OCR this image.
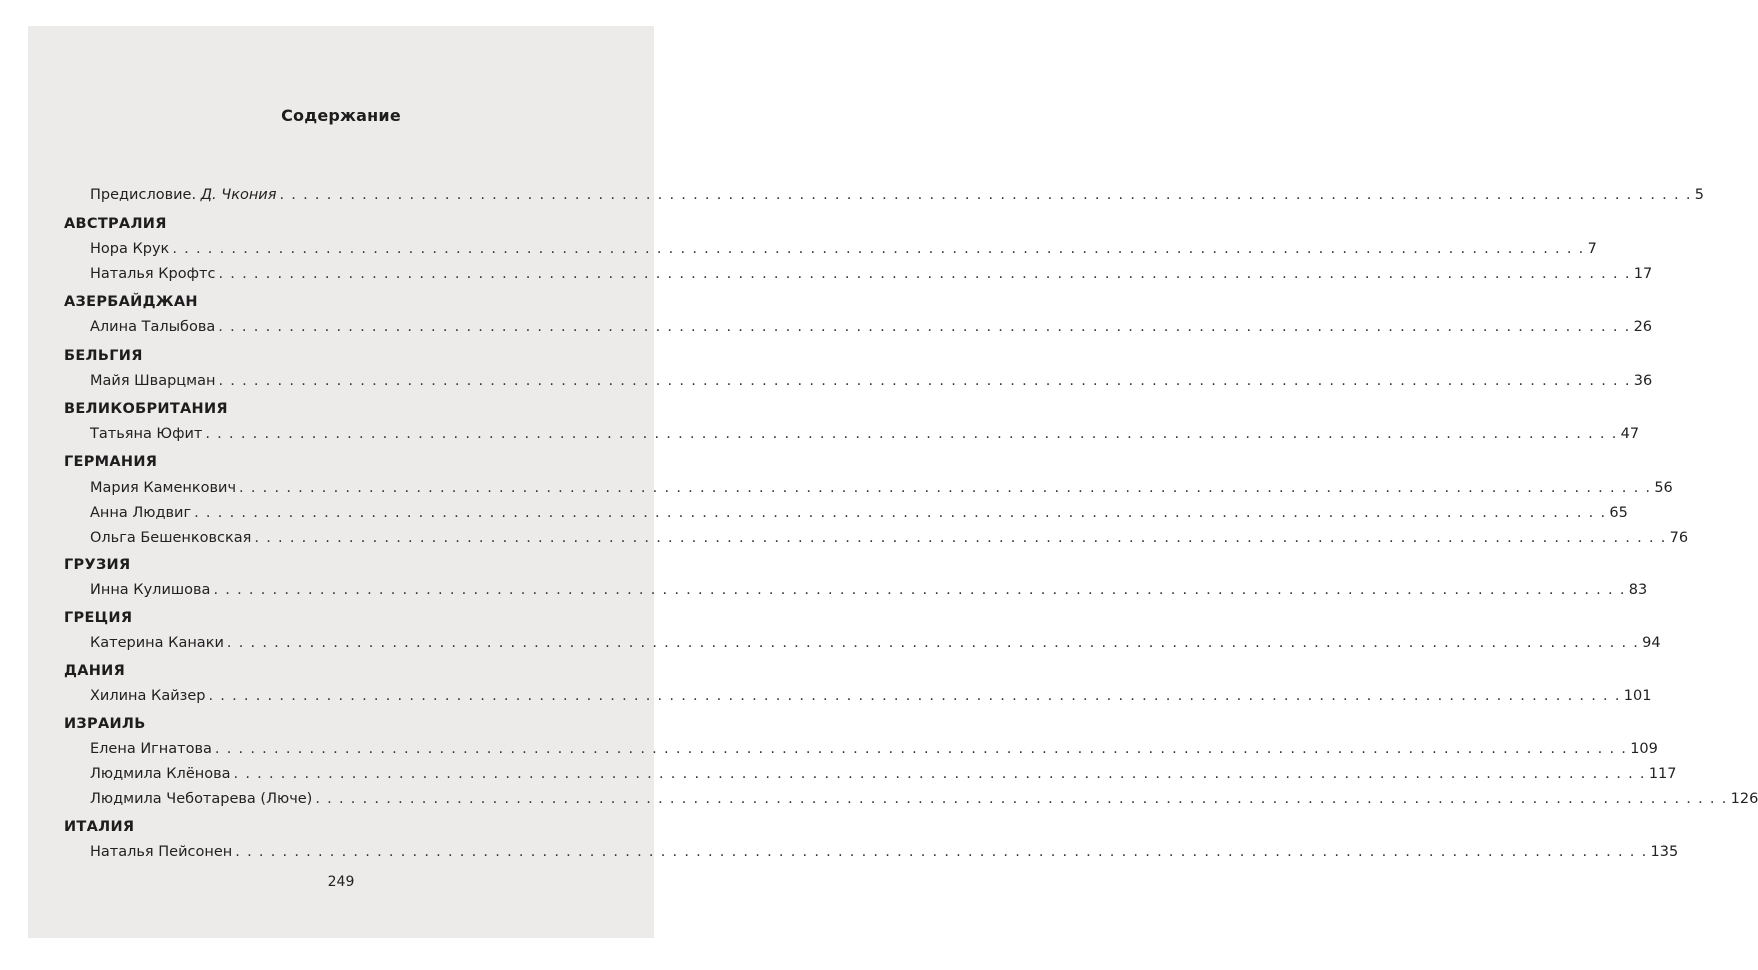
Содержание
Предисловие. Д. Чкония . . . . . . . . . . . . . . . . . . . . . . . . . . . . . . . . . . . . . . . . . . . . . . . . . . . . . . . . . . . . . . . . . . . . . . . . . . . . . . . . . . . . . . . . . . . . . . . . . . . . . . . . . . . . . . . . . . . . . . . . 5
АВСТРАЛИЯ
Нора Крук . . . . . . . . . . . . . . . . . . . . . . . . . . . . . . . . . . . . . . . . . . . . . . . . . . . . . . . . . . . . . . . . . . . . . . . . . . . . . . . . . . . . . . . . . . . . . . . . . . . . . . . . . . . . . . . . . . . . . . . . 7
Наталья Крофтс . . . . . . . . . . . . . . . . . . . . . . . . . . . . . . . . . . . . . . . . . . . . . . . . . . . . . . . . . . . . . . . . . . . . . . . . . . . . . . . . . . . . . . . . . . . . . . . . . . . . . . . . . . . . . . . . . . . . . . . . 17
АЗЕРБАЙДЖАН
Алина Талыбова . . . . . . . . . . . . . . . . . . . . . . . . . . . . . . . . . . . . . . . . . . . . . . . . . . . . . . . . . . . . . . . . . . . . . . . . . . . . . . . . . . . . . . . . . . . . . . . . . . . . . . . . . . . . . . . . . . . . . . . . 26
БЕЛЬГИЯ
Майя Шварцман . . . . . . . . . . . . . . . . . . . . . . . . . . . . . . . . . . . . . . . . . . . . . . . . . . . . . . . . . . . . . . . . . . . . . . . . . . . . . . . . . . . . . . . . . . . . . . . . . . . . . . . . . . . . . . . . . . . . . . . . 36
ВЕЛИКОБРИТАНИЯ
Татьяна Юфит . . . . . . . . . . . . . . . . . . . . . . . . . . . . . . . . . . . . . . . . . . . . . . . . . . . . . . . . . . . . . . . . . . . . . . . . . . . . . . . . . . . . . . . . . . . . . . . . . . . . . . . . . . . . . . . . . . . . . . . . 47
ГЕРМАНИЯ
Мария Каменкович . . . . . . . . . . . . . . . . . . . . . . . . . . . . . . . . . . . . . . . . . . . . . . . . . . . . . . . . . . . . . . . . . . . . . . . . . . . . . . . . . . . . . . . . . . . . . . . . . . . . . . . . . . . . . . . . . . . . . . . . 56
Анна Людвиг . . . . . . . . . . . . . . . . . . . . . . . . . . . . . . . . . . . . . . . . . . . . . . . . . . . . . . . . . . . . . . . . . . . . . . . . . . . . . . . . . . . . . . . . . . . . . . . . . . . . . . . . . . . . . . . . . . . . . . . . 65
Ольга Бешенковская . . . . . . . . . . . . . . . . . . . . . . . . . . . . . . . . . . . . . . . . . . . . . . . . . . . . . . . . . . . . . . . . . . . . . . . . . . . . . . . . . . . . . . . . . . . . . . . . . . . . . . . . . . . . . . . . . . . . . . . . 76
ГРУЗИЯ
Инна Кулишова . . . . . . . . . . . . . . . . . . . . . . . . . . . . . . . . . . . . . . . . . . . . . . . . . . . . . . . . . . . . . . . . . . . . . . . . . . . . . . . . . . . . . . . . . . . . . . . . . . . . . . . . . . . . . . . . . . . . . . . . 83
ГРЕЦИЯ
Катерина Канаки . . . . . . . . . . . . . . . . . . . . . . . . . . . . . . . . . . . . . . . . . . . . . . . . . . . . . . . . . . . . . . . . . . . . . . . . . . . . . . . . . . . . . . . . . . . . . . . . . . . . . . . . . . . . . . . . . . . . . . . . 94
ДАНИЯ
Хилина Кайзер . . . . . . . . . . . . . . . . . . . . . . . . . . . . . . . . . . . . . . . . . . . . . . . . . . . . . . . . . . . . . . . . . . . . . . . . . . . . . . . . . . . . . . . . . . . . . . . . . . . . . . . . . . . . . . . . . . . . . . . . 101
ИЗРАИЛЬ
Елена Игнатова . . . . . . . . . . . . . . . . . . . . . . . . . . . . . . . . . . . . . . . . . . . . . . . . . . . . . . . . . . . . . . . . . . . . . . . . . . . . . . . . . . . . . . . . . . . . . . . . . . . . . . . . . . . . . . . . . . . . . . . . 109
Людмила Клёнова . . . . . . . . . . . . . . . . . . . . . . . . . . . . . . . . . . . . . . . . . . . . . . . . . . . . . . . . . . . . . . . . . . . . . . . . . . . . . . . . . . . . . . . . . . . . . . . . . . . . . . . . . . . . . . . . . . . . . . . . 117
Людмила Чеботарева (Люче) . . . . . . . . . . . . . . . . . . . . . . . . . . . . . . . . . . . . . . . . . . . . . . . . . . . . . . . . . . . . . . . . . . . . . . . . . . . . . . . . . . . . . . . . . . . . . . . . . . . . . . . . . . . . . . . . . . . . . . . . 126
ИТАЛИЯ
Наталья Пейсонен . . . . . . . . . . . . . . . . . . . . . . . . . . . . . . . . . . . . . . . . . . . . . . . . . . . . . . . . . . . . . . . . . . . . . . . . . . . . . . . . . . . . . . . . . . . . . . . . . . . . . . . . . . . . . . . . . . . . . . . . 135
249
